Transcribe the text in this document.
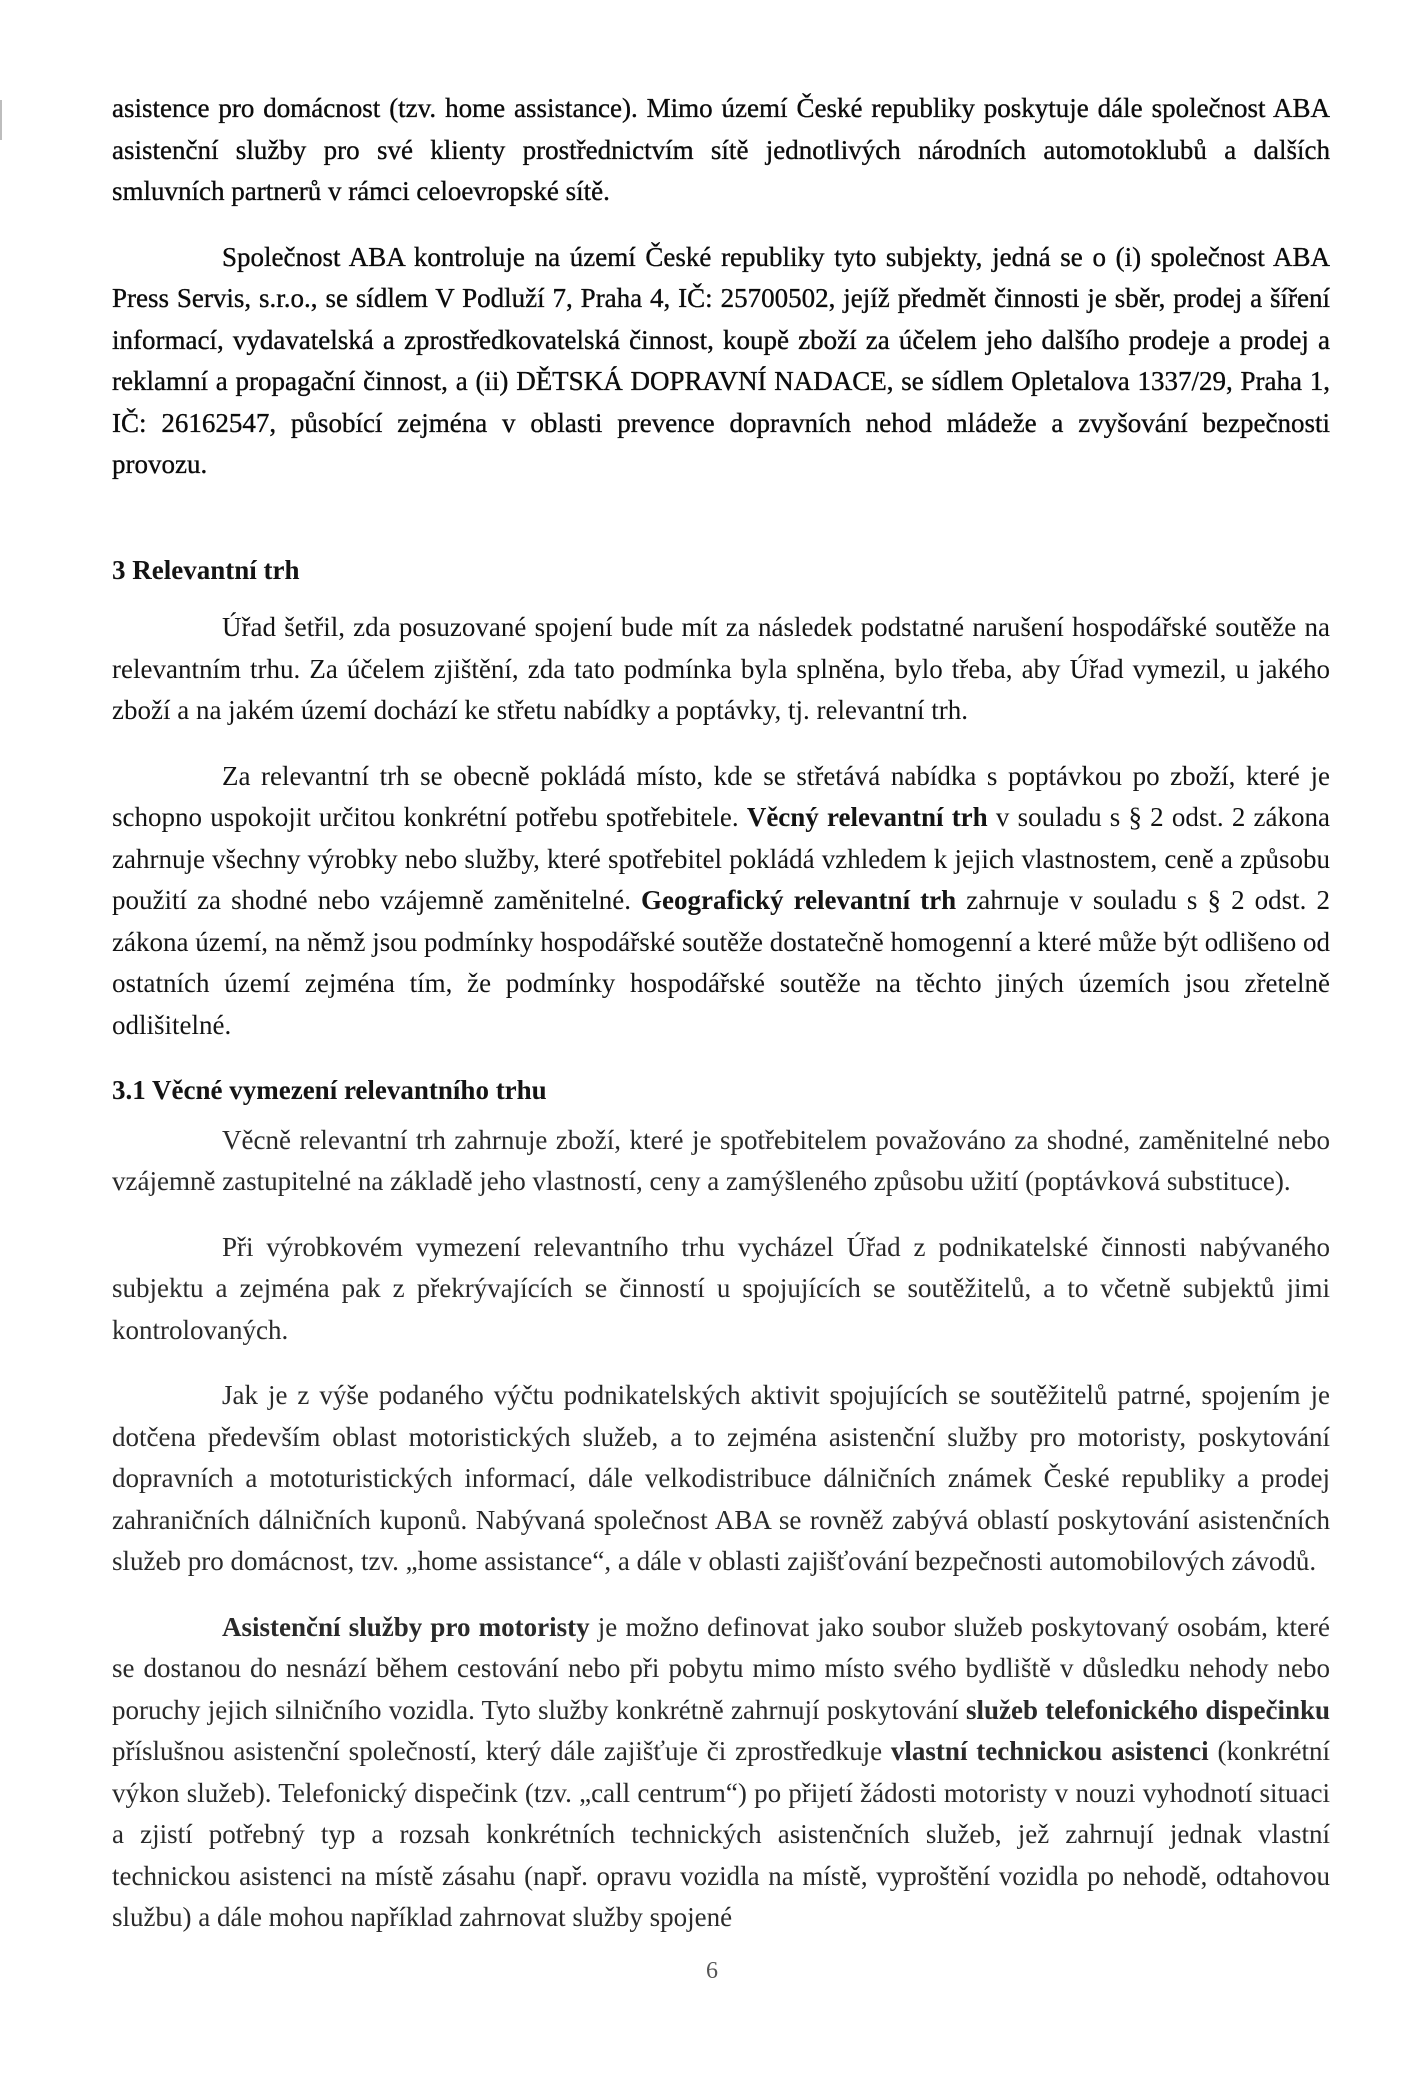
asistence pro domácnost (tzv. home assistance). Mimo území České republiky poskytuje dále společnost ABA asistenční služby pro své klienty prostřednictvím sítě jednotlivých národních automotoklubů a dalších smluvních partnerů v rámci celoevropské sítě.

Společnost ABA kontroluje na území České republiky tyto subjekty, jedná se o (i) společnost ABA Press Servis, s.r.o., se sídlem V Podluží 7, Praha 4, IČ: 25700502, jejíž předmět činnosti je sběr, prodej a šíření informací, vydavatelská a zprostředkovatelská činnost, koupě zboží za účelem jeho dalšího prodeje a prodej a reklamní a propagační činnost, a (ii) DĚTSKÁ DOPRAVNÍ NADACE, se sídlem Opletalova 1337/29, Praha 1, IČ: 26162547, působící zejména v oblasti prevence dopravních nehod mládeže a zvyšování bezpečnosti provozu.

3 Relevantní trh

Úřad šetřil, zda posuzované spojení bude mít za následek podstatné narušení hospodářské soutěže na relevantním trhu. Za účelem zjištění, zda tato podmínka byla splněna, bylo třeba, aby Úřad vymezil, u jakého zboží a na jakém území dochází ke střetu nabídky a poptávky, tj. relevantní trh.

Za relevantní trh se obecně pokládá místo, kde se střetává nabídka s poptávkou po zboží, které je schopno uspokojit určitou konkrétní potřebu spotřebitele. Věcný relevantní trh v souladu s § 2 odst. 2 zákona zahrnuje všechny výrobky nebo služby, které spotřebitel pokládá vzhledem k jejich vlastnostem, ceně a způsobu použití za shodné nebo vzájemně zaměnitelné. Geografický relevantní trh zahrnuje v souladu s § 2 odst. 2 zákona území, na němž jsou podmínky hospodářské soutěže dostatečně homogenní a které může být odlišeno od ostatních území zejména tím, že podmínky hospodářské soutěže na těchto jiných územích jsou zřetelně odlišitelné.

3.1 Věcné vymezení relevantního trhu

Věcně relevantní trh zahrnuje zboží, které je spotřebitelem považováno za shodné, zaměnitelné nebo vzájemně zastupitelné na základě jeho vlastností, ceny a zamýšleného způsobu užití (poptávková substituce).

Při výrobkovém vymezení relevantního trhu vycházel Úřad z podnikatelské činnosti nabývaného subjektu a zejména pak z překrývajících se činností u spojujících se soutěžitelů, a to včetně subjektů jimi kontrolovaných.

Jak je z výše podaného výčtu podnikatelských aktivit spojujících se soutěžitelů patrné, spojením je dotčena především oblast motoristických služeb, a to zejména asistenční služby pro motoristy, poskytování dopravních a mototuristických informací, dále velkodistribuce dálničních známek České republiky a prodej zahraničních dálničních kuponů. Nabývaná společnost ABA se rovněž zabývá oblastí poskytování asistenčních služeb pro domácnost, tzv. „home assistance“, a dále v oblasti zajišťování bezpečnosti automobilových závodů.

Asistenční služby pro motoristy je možno definovat jako soubor služeb poskytovaný osobám, které se dostanou do nesnází během cestování nebo při pobytu mimo místo svého bydliště v důsledku nehody nebo poruchy jejich silničního vozidla. Tyto služby konkrétně zahrnují poskytování služeb telefonického dispečinku příslušnou asistenční společností, který dále zajišťuje či zprostředkuje vlastní technickou asistenci (konkrétní výkon služeb). Telefonický dispečink (tzv. „call centrum“) po přijetí žádosti motoristy v nouzi vyhodnotí situaci a zjistí potřebný typ a rozsah konkrétních technických asistenčních služeb, jež zahrnují jednak vlastní technickou asistenci na místě zásahu (např. opravu vozidla na místě, vyproštění vozidla po nehodě, odtahovou službu) a dále mohou například zahrnovat služby spojené

6
